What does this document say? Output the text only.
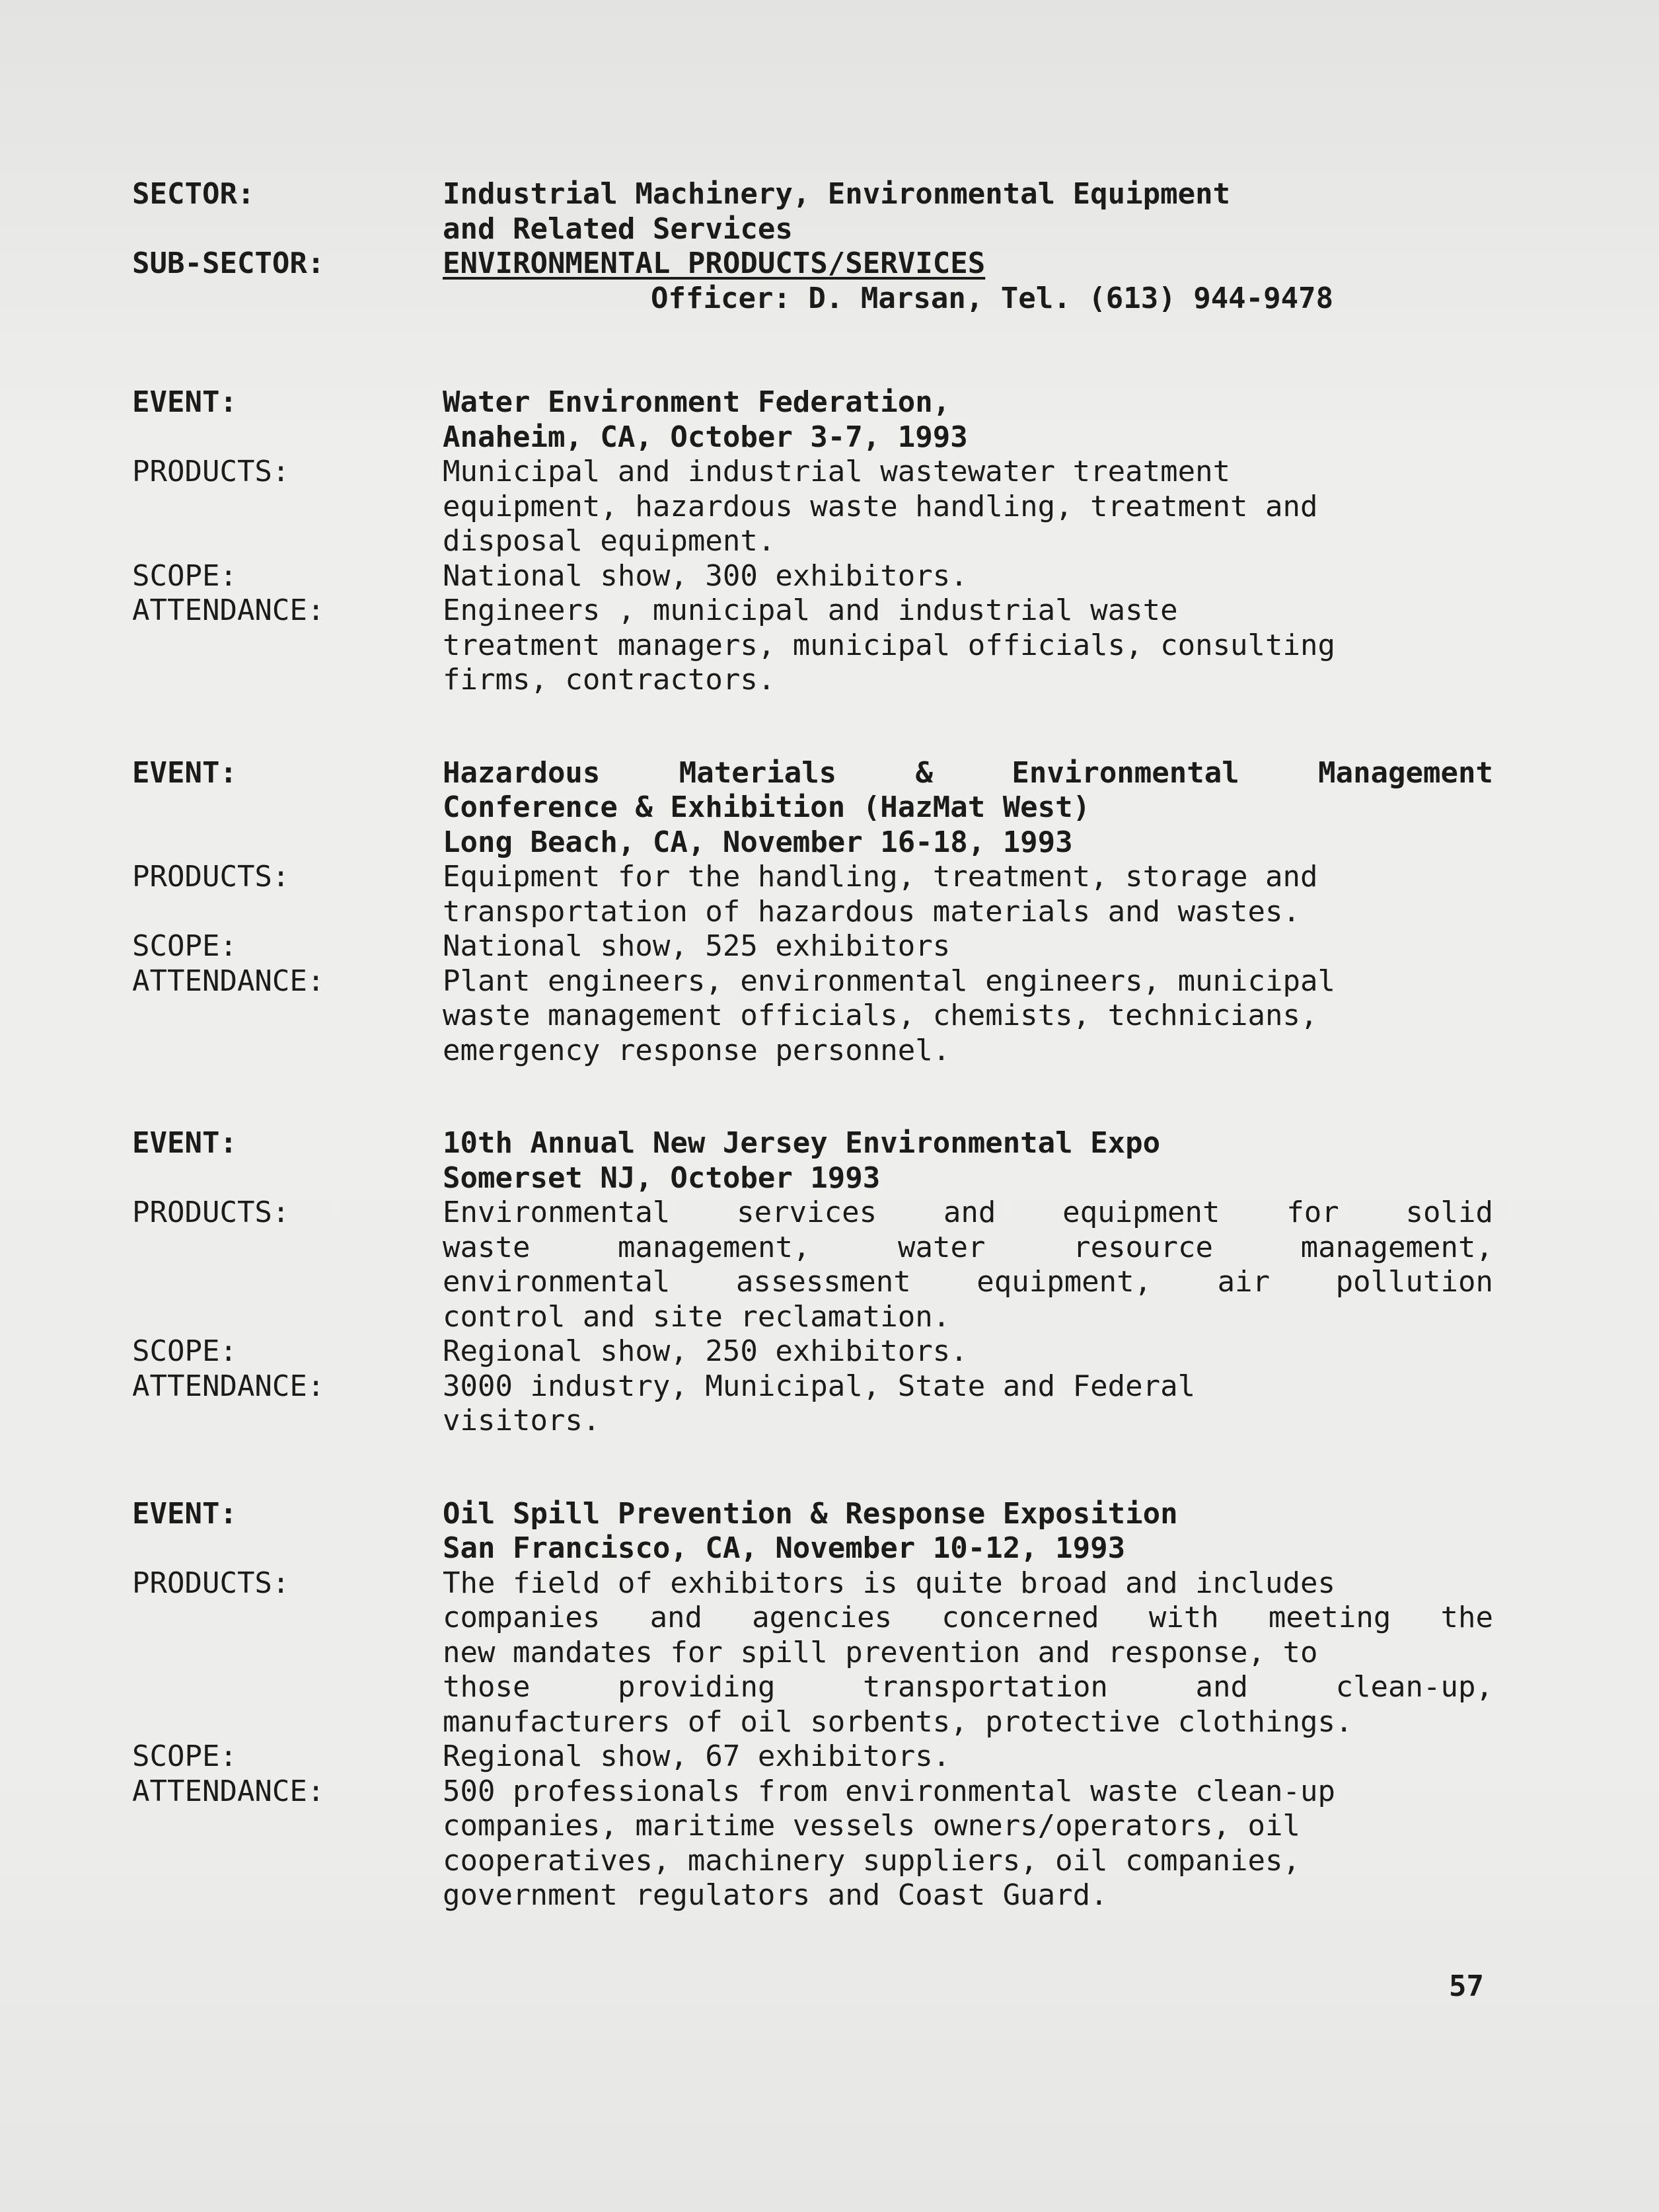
SECTOR:	Industrial Machinery, Environmental Equipment
and Related Services
SUB-SECTOR:	ENVIRONMENTAL PRODUCTS/SERVICES
Officer: D. Marsan, Tel. (613) 944-9478
EVENT:	Water Environment Federation,
Anaheim, CA, October 3-7, 1993
PRODUCTS:	Municipal and industrial wastewater treatment
equipment, hazardous waste handling, treatment and
disposal equipment.
SCOPE:	National show, 300 exhibitors.
ATTENDANCE:	Engineers , municipal and industrial waste
treatment managers, municipal officials, consulting
firms, contractors.
EVENT:	Hazardous Materials & Environmental Management
Conference & Exhibition (HazMat West)
Long Beach, CA, November 16-18, 1993
PRODUCTS:	Equipment for the handling, treatment, storage and
transportation of hazardous materials and wastes.
SCOPE:	National show, 525 exhibitors
ATTENDANCE:	Plant engineers, environmental engineers, municipal
waste management officials, chemists, technicians,
emergency response personnel.
EVENT:	10th Annual New Jersey Environmental Expo
Somerset NJ, October 1993
PRODUCTS:	Environmental services and equipment for solid
waste management, water resource management,
environmental assessment equipment, air pollution
control and site reclamation.
SCOPE:	Regional show, 250 exhibitors.
ATTENDANCE:	3000 industry, Municipal, State and Federal
visitors.
EVENT:	Oil Spill Prevention & Response Exposition
San Francisco, CA, November 10-12, 1993
PRODUCTS:	The field of exhibitors is quite broad and includes
companies and agencies concerned with meeting the
new mandates for spill prevention and response, to
those providing transportation and clean-up,
manufacturers of oil sorbents, protective clothings.
SCOPE:	Regional show, 67 exhibitors.
ATTENDANCE:	500 professionals from environmental waste clean-up
companies, maritime vessels owners/operators, oil
cooperatives, machinery suppliers, oil companies,
government regulators and Coast Guard.
57
